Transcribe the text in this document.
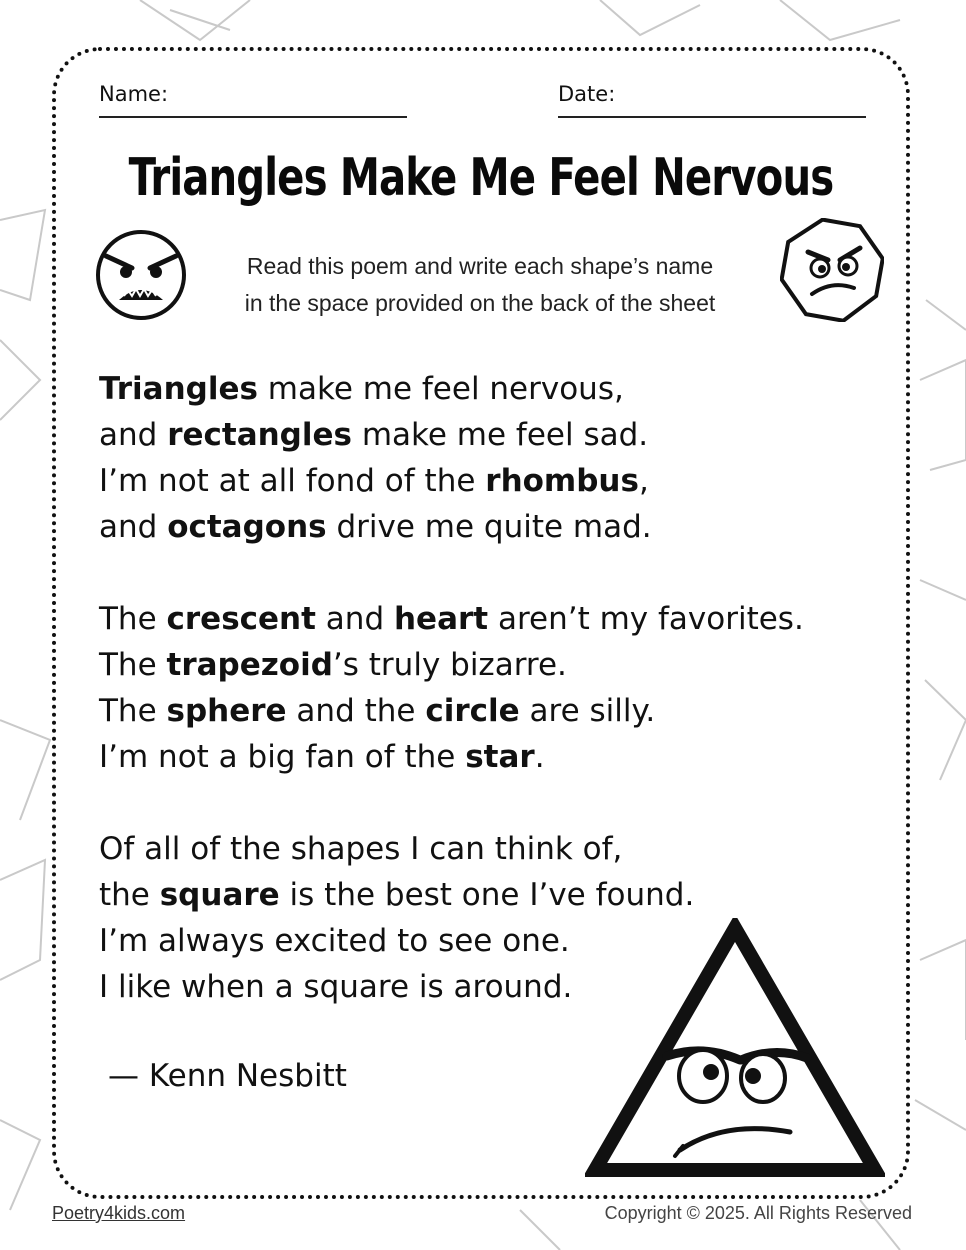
Name:	Date:
Triangles Make Me Feel Nervous
Read this poem and write each shape’s name
in the space provided on the back of the sheet
Triangles make me feel nervous,
and rectangles make me feel sad.
I’m not at all fond of the rhombus,
and octagons drive me quite mad.
The crescent and heart aren’t my favorites.
The trapezoid’s truly bizarre.
The sphere and the circle are silly.
I’m not a big fan of the star.
Of all of the shapes I can think of,
the square is the best one I’ve found.
I’m always excited to see one.
I like when a square is around.
— Kenn Nesbitt
Poetry4kids.com	Copyright © 2025. All Rights Reserved
